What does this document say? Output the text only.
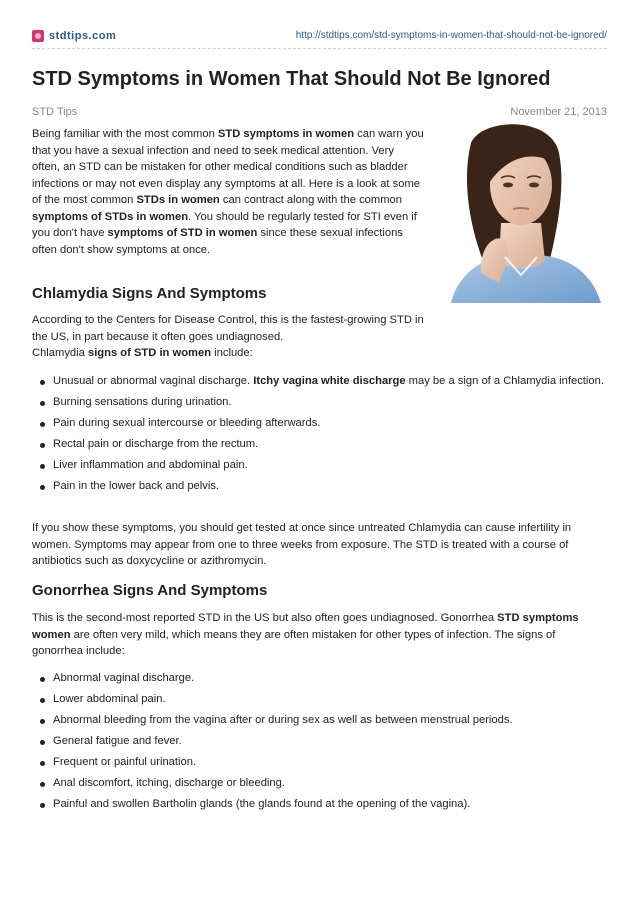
stdtips.com	http://stdtips.com/std-symptoms-in-women-that-should-not-be-ignored/
STD Symptoms in Women That Should Not Be Ignored
STD Tips	November 21, 2013

Being familiar with the most common STD symptoms in women can warn you that you have a sexual infection and need to seek medical attention. Very often, an STD can be mistaken for other medical conditions such as bladder infections or may not even display any symptoms at all. Here is a look at some of the most common STDs in women can contract along with the common symptoms of STDs in women. You should be regularly tested for STI even if you don't have symptoms of STD in women since these sexual infections often don't show symptoms at once.

Chlamydia Signs And Symptoms

According to the Centers for Disease Control, this is the fastest-growing STD in the US, in part because it often goes undiagnosed.
Chlamydia signs of STD in women include:

Unusual or abnormal vaginal discharge. Itchy vagina white discharge may be a sign of a Chlamydia infection.
Burning sensations during urination.
Pain during sexual intercourse or bleeding afterwards.
Rectal pain or discharge from the rectum.
Liver inflammation and abdominal pain.
Pain in the lower back and pelvis.

If you show these symptoms, you should get tested at once since untreated Chlamydia can cause infertility in women. Symptoms may appear from one to three weeks from exposure. The STD is treated with a course of antibiotics such as doxycycline or azithromycin.

Gonorrhea Signs And Symptoms

This is the second-most reported STD in the US but also often goes undiagnosed. Gonorrhea STD symptoms women are often very mild, which means they are often mistaken for other types of infection. The signs of gonorrhea include:

Abnormal vaginal discharge.
Lower abdominal pain.
Abnormal bleeding from the vagina after or during sex as well as between menstrual periods.
General fatigue and fever.
Frequent or painful urination.
Anal discomfort, itching, discharge or bleeding.
Painful and swollen Bartholin glands (the glands found at the opening of the vagina).
